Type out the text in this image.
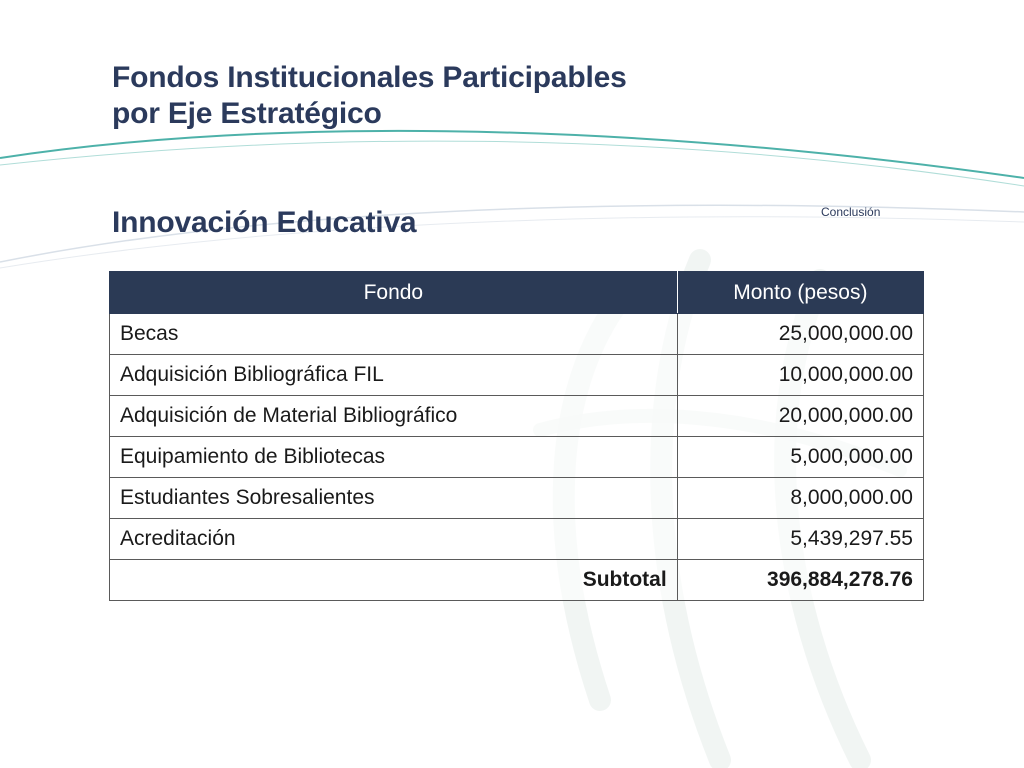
Fondos Institucionales Participables
por Eje Estratégico
Innovación Educativa	Conclusión
Fondo	Monto (pesos)
Becas	25,000,000.00
Adquisición Bibliográfica FIL	10,000,000.00
Adquisición de Material Bibliográfico	20,000,000.00
Equipamiento de Bibliotecas	5,000,000.00
Estudiantes Sobresalientes	8,000,000.00
Acreditación	5,439,297.55
Subtotal	396,884,278.76
